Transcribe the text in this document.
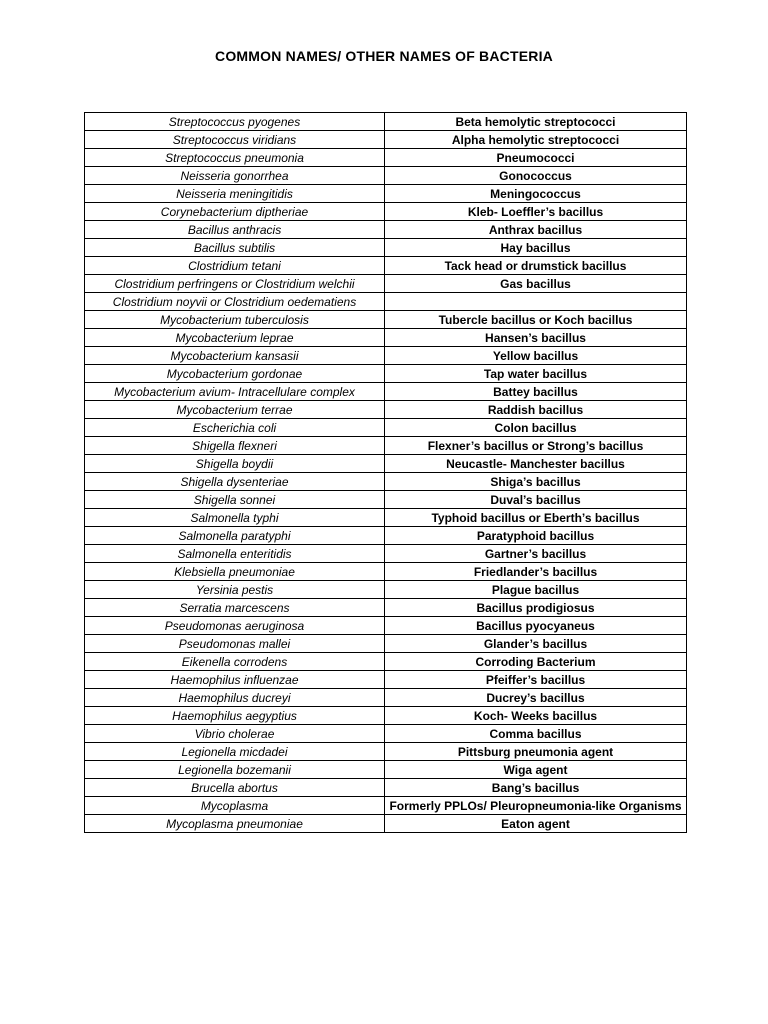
COMMON NAMES/ OTHER NAMES OF BACTERIA
Streptococcus pyogenes	Beta hemolytic streptococci
Streptococcus viridians	Alpha hemolytic streptococci
Streptococcus pneumonia	Pneumococci
Neisseria gonorrhea	Gonococcus
Neisseria meningitidis	Meningococcus
Corynebacterium diptheriae	Kleb- Loeffler’s bacillus
Bacillus anthracis	Anthrax bacillus
Bacillus subtilis	Hay bacillus
Clostridium tetani	Tack head or drumstick bacillus
Clostridium perfringens or Clostridium welchii	Gas bacillus
Clostridium noyvii or Clostridium oedematiens	
Mycobacterium tuberculosis	Tubercle bacillus or Koch bacillus
Mycobacterium leprae	Hansen’s bacillus
Mycobacterium kansasii	Yellow bacillus
Mycobacterium gordonae	Tap water bacillus
Mycobacterium avium- Intracellulare complex	Battey bacillus
Mycobacterium terrae	Raddish bacillus
Escherichia coli	Colon bacillus
Shigella flexneri	Flexner’s bacillus or Strong’s bacillus
Shigella boydii	Neucastle- Manchester bacillus
Shigella dysenteriae	Shiga’s bacillus
Shigella sonnei	Duval’s bacillus
Salmonella typhi	Typhoid bacillus or Eberth’s bacillus
Salmonella paratyphi	Paratyphoid bacillus
Salmonella enteritidis	Gartner’s bacillus
Klebsiella pneumoniae	Friedlander’s bacillus
Yersinia pestis	Plague bacillus
Serratia marcescens	Bacillus prodigiosus
Pseudomonas aeruginosa	Bacillus pyocyaneus
Pseudomonas mallei	Glander’s bacillus
Eikenella corrodens	Corroding Bacterium
Haemophilus influenzae	Pfeiffer’s bacillus
Haemophilus ducreyi	Ducrey’s bacillus
Haemophilus aegyptius	Koch- Weeks bacillus
Vibrio cholerae	Comma bacillus
Legionella micdadei	Pittsburg pneumonia agent
Legionella bozemanii	Wiga agent
Brucella abortus	Bang’s bacillus
Mycoplasma	Formerly PPLOs/ Pleuropneumonia-like Organisms
Mycoplasma pneumoniae	Eaton agent
